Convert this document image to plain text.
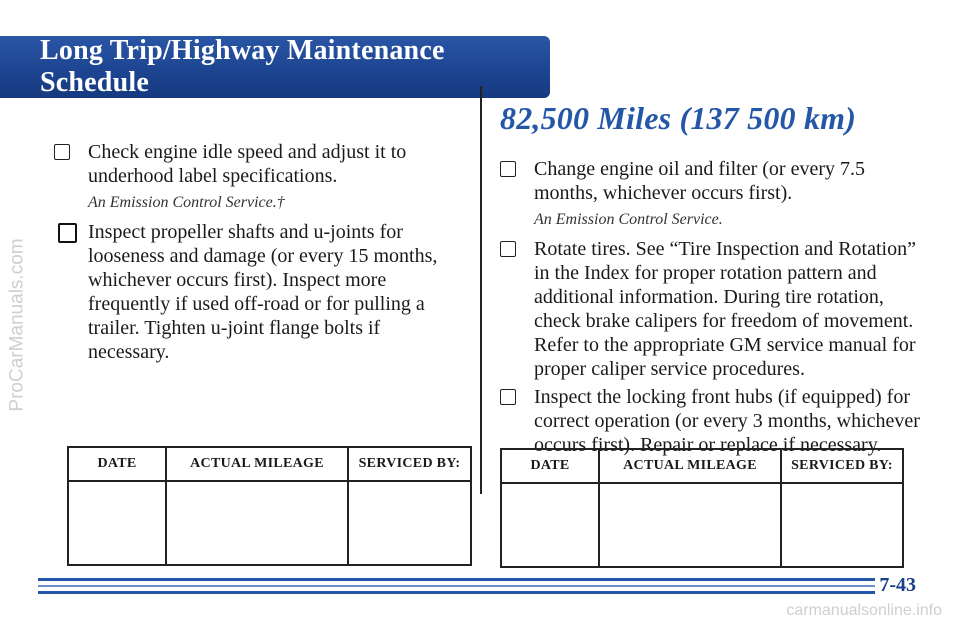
ProCarManuals.com
Long Trip/Highway Maintenance Schedule
Check engine idle speed and adjust it to underhood label specifications.
An Emission Control Service.†
Inspect propeller shafts and u-joints for looseness and damage (or every 15 months, whichever occurs first). Inspect more frequently if used off-road or for pulling a trailer. Tighten u-joint flange bolts if necessary.
DATE	ACTUAL MILEAGE	SERVICED BY:

82,500 Miles (137 500 km)
Change engine oil and filter (or every 7.5 months, whichever occurs first).
An Emission Control Service.
Rotate tires. See “Tire Inspection and Rotation” in the Index for proper rotation pattern and additional information. During tire rotation, check brake calipers for freedom of movement. Refer to the appropriate GM service manual for proper caliper service procedures.
Inspect the locking front hubs (if equipped) for correct operation (or every 3 months, whichever occurs first). Repair or replace if necessary.
DATE	ACTUAL MILEAGE	SERVICED BY:

7-43
carmanualsonline.info
